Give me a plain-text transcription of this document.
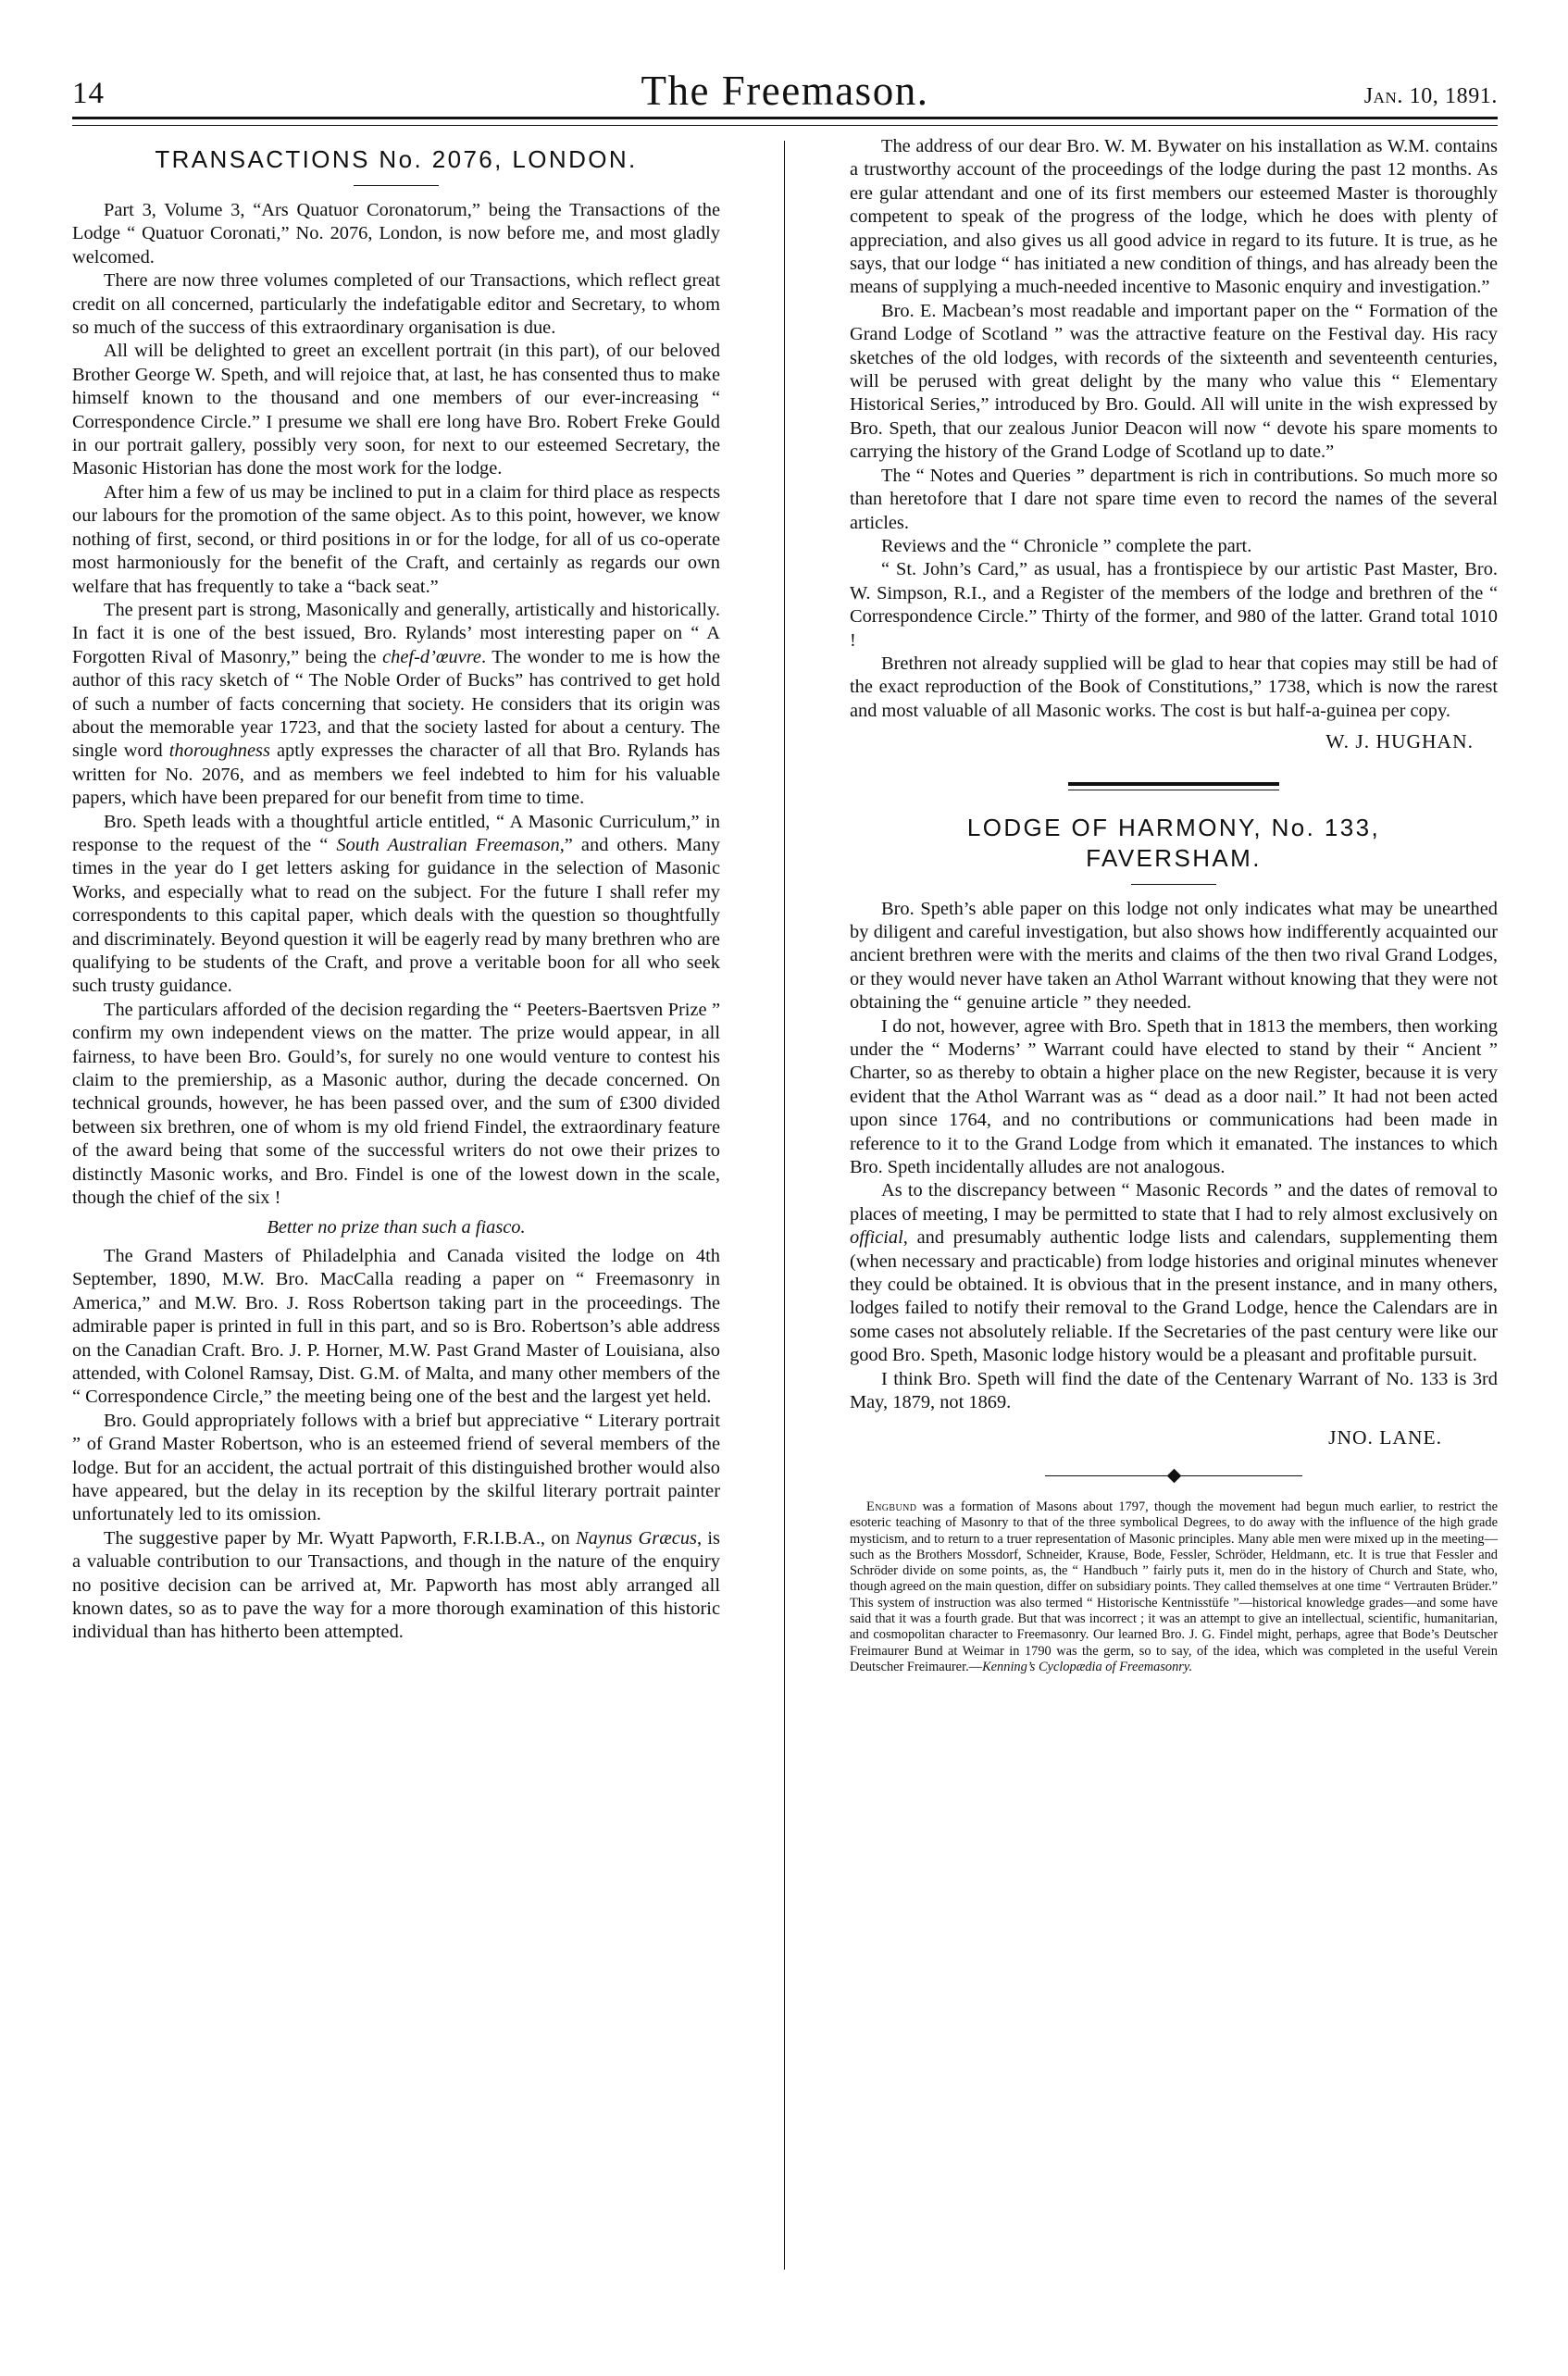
14	The Freemason.	Jan. 10, 1891.
TRANSACTIONS No. 2076, LONDON.

Part 3, Volume 3, “Ars Quatuor Coronatorum,” being the Transactions of the Lodge “ Quatuor Coronati,” No. 2076, London, is now before me, and most gladly welcomed.

There are now three volumes completed of our Transactions, which reflect great credit on all concerned, particularly the indefatigable editor and Secretary, to whom so much of the success of this extraordinary organisation is due.

All will be delighted to greet an excellent portrait (in this part), of our beloved Brother George W. Speth, and will rejoice that, at last, he has consented thus to make himself known to the thousand and one members of our ever-increasing “ Correspondence Circle.” I presume we shall ere long have Bro. Robert Freke Gould in our portrait gallery, possibly very soon, for next to our esteemed Secretary, the Masonic Historian has done the most work for the lodge.

After him a few of us may be inclined to put in a claim for third place as respects our labours for the promotion of the same object. As to this point, however, we know nothing of first, second, or third positions in or for the lodge, for all of us co-operate most harmoniously for the benefit of the Craft, and certainly as regards our own welfare that has frequently to take a “back seat.”

The present part is strong, Masonically and generally, artistically and historically. In fact it is one of the best issued, Bro. Rylands’ most interesting paper on “ A Forgotten Rival of Masonry,” being the chef-d’œuvre. The wonder to me is how the author of this racy sketch of “ The Noble Order of Bucks” has contrived to get hold of such a number of facts concerning that society. He considers that its origin was about the memorable year 1723, and that the society lasted for about a century. The single word thoroughness aptly expresses the character of all that Bro. Rylands has written for No. 2076, and as members we feel indebted to him for his valuable papers, which have been prepared for our benefit from time to time.

Bro. Speth leads with a thoughtful article entitled, “ A Masonic Curriculum,” in response to the request of the “ South Australian Freemason,” and others. Many times in the year do I get letters asking for guidance in the selection of Masonic Works, and especially what to read on the subject. For the future I shall refer my correspondents to this capital paper, which deals with the question so thoughtfully and discriminately. Beyond question it will be eagerly read by many brethren who are qualifying to be students of the Craft, and prove a veritable boon for all who seek such trusty guidance.

The particulars afforded of the decision regarding the “ Peeters-Baertsven Prize ” confirm my own independent views on the matter. The prize would appear, in all fairness, to have been Bro. Gould’s, for surely no one would venture to contest his claim to the premiership, as a Masonic author, during the decade concerned. On technical grounds, however, he has been passed over, and the sum of £300 divided between six brethren, one of whom is my old friend Findel, the extraordinary feature of the award being that some of the successful writers do not owe their prizes to distinctly Masonic works, and Bro. Findel is one of the lowest down in the scale, though the chief of the six !

Better no prize than such a fiasco.

The Grand Masters of Philadelphia and Canada visited the lodge on 4th September, 1890, M.W. Bro. MacCalla reading a paper on “ Freemasonry in America,” and M.W. Bro. J. Ross Robertson taking part in the proceedings. The admirable paper is printed in full in this part, and so is Bro. Robertson’s able address on the Canadian Craft. Bro. J. P. Horner, M.W. Past Grand Master of Louisiana, also attended, with Colonel Ramsay, Dist. G.M. of Malta, and many other members of the “ Correspondence Circle,” the meeting being one of the best and the largest yet held.

Bro. Gould appropriately follows with a brief but appreciative “ Literary portrait ” of Grand Master Robertson, who is an esteemed friend of several members of the lodge. But for an accident, the actual portrait of this distinguished brother would also have appeared, but the delay in its reception by the skilful literary portrait painter unfortunately led to its omission.

The suggestive paper by Mr. Wyatt Papworth, F.R.I.B.A., on Naynus Græcus, is a valuable contribution to our Transactions, and though in the nature of the enquiry no positive decision can be arrived at, Mr. Papworth has most ably arranged all known dates, so as to pave the way for a more thorough examination of this historic individual than has hitherto been attempted.

The address of our dear Bro. W. M. Bywater on his installation as W.M. contains a trustworthy account of the proceedings of the lodge during the past 12 months. As ere gular attendant and one of its first members our esteemed Master is thoroughly competent to speak of the progress of the lodge, which he does with plenty of appreciation, and also gives us all good advice in regard to its future. It is true, as he says, that our lodge “ has initiated a new condition of things, and has already been the means of supplying a much-needed incentive to Masonic enquiry and investigation.”

Bro. E. Macbean’s most readable and important paper on the “ Formation of the Grand Lodge of Scotland ” was the attractive feature on the Festival day. His racy sketches of the old lodges, with records of the sixteenth and seventeenth centuries, will be perused with great delight by the many who value this “ Elementary Historical Series,” introduced by Bro. Gould. All will unite in the wish expressed by Bro. Speth, that our zealous Junior Deacon will now “ devote his spare moments to carrying the history of the Grand Lodge of Scotland up to date.”

The “ Notes and Queries ” department is rich in contributions. So much more so than heretofore that I dare not spare time even to record the names of the several articles.

Reviews and the “ Chronicle ” complete the part.

“ St. John’s Card,” as usual, has a frontispiece by our artistic Past Master, Bro. W. Simpson, R.I., and a Register of the members of the lodge and brethren of the “ Correspondence Circle.” Thirty of the former, and 980 of the latter. Grand total 1010 !

Brethren not already supplied will be glad to hear that copies may still be had of the exact reproduction of the Book of Constitutions,” 1738, which is now the rarest and most valuable of all Masonic works. The cost is but half-a-guinea per copy.

W. J. HUGHAN.

LODGE OF HARMONY, No. 133,
FAVERSHAM.

Bro. Speth’s able paper on this lodge not only indicates what may be unearthed by diligent and careful investigation, but also shows how indifferently acquainted our ancient brethren were with the merits and claims of the then two rival Grand Lodges, or they would never have taken an Athol Warrant without knowing that they were not obtaining the “ genuine article ” they needed.

I do not, however, agree with Bro. Speth that in 1813 the members, then working under the “ Moderns’ ” Warrant could have elected to stand by their “ Ancient ” Charter, so as thereby to obtain a higher place on the new Register, because it is very evident that the Athol Warrant was as “ dead as a door nail.” It had not been acted upon since 1764, and no contributions or communications had been made in reference to it to the Grand Lodge from which it emanated. The instances to which Bro. Speth incidentally alludes are not analogous.

As to the discrepancy between “ Masonic Records ” and the dates of removal to places of meeting, I may be permitted to state that I had to rely almost exclusively on official, and presumably authentic lodge lists and calendars, supplementing them (when necessary and practicable) from lodge histories and original minutes whenever they could be obtained. It is obvious that in the present instance, and in many others, lodges failed to notify their removal to the Grand Lodge, hence the Calendars are in some cases not absolutely reliable. If the Secretaries of the past century were like our good Bro. Speth, Masonic lodge history would be a pleasant and profitable pursuit.

I think Bro. Speth will find the date of the Centenary Warrant of No. 133 is 3rd May, 1879, not 1869.

JNO. LANE.

Engbund was a formation of Masons about 1797, though the movement had begun much earlier, to restrict the esoteric teaching of Masonry to that of the three symbolical Degrees, to do away with the influence of the high grade mysticism, and to return to a truer representation of Masonic principles. Many able men were mixed up in the meeting—such as the Brothers Mossdorf, Schneider, Krause, Bode, Fessler, Schröder, Heldmann, etc. It is true that Fessler and Schröder divide on some points, as, the “ Handbuch ” fairly puts it, men do in the history of Church and State, who, though agreed on the main question, differ on subsidiary points. They called themselves at one time “ Vertrauten Brüder.” This system of instruction was also termed “ Historische Kentnisstüfe ”—historical knowledge grades—and some have said that it was a fourth grade. But that was incorrect ; it was an attempt to give an intellectual, scientific, humanitarian, and cosmopolitan character to Freemasonry. Our learned Bro. J. G. Findel might, perhaps, agree that Bode’s Deutscher Freimaurer Bund at Weimar in 1790 was the germ, so to say, of the idea, which was completed in the useful Verein Deutscher Freimaurer.—Kenning’s Cyclopædia of Freemasonry.
